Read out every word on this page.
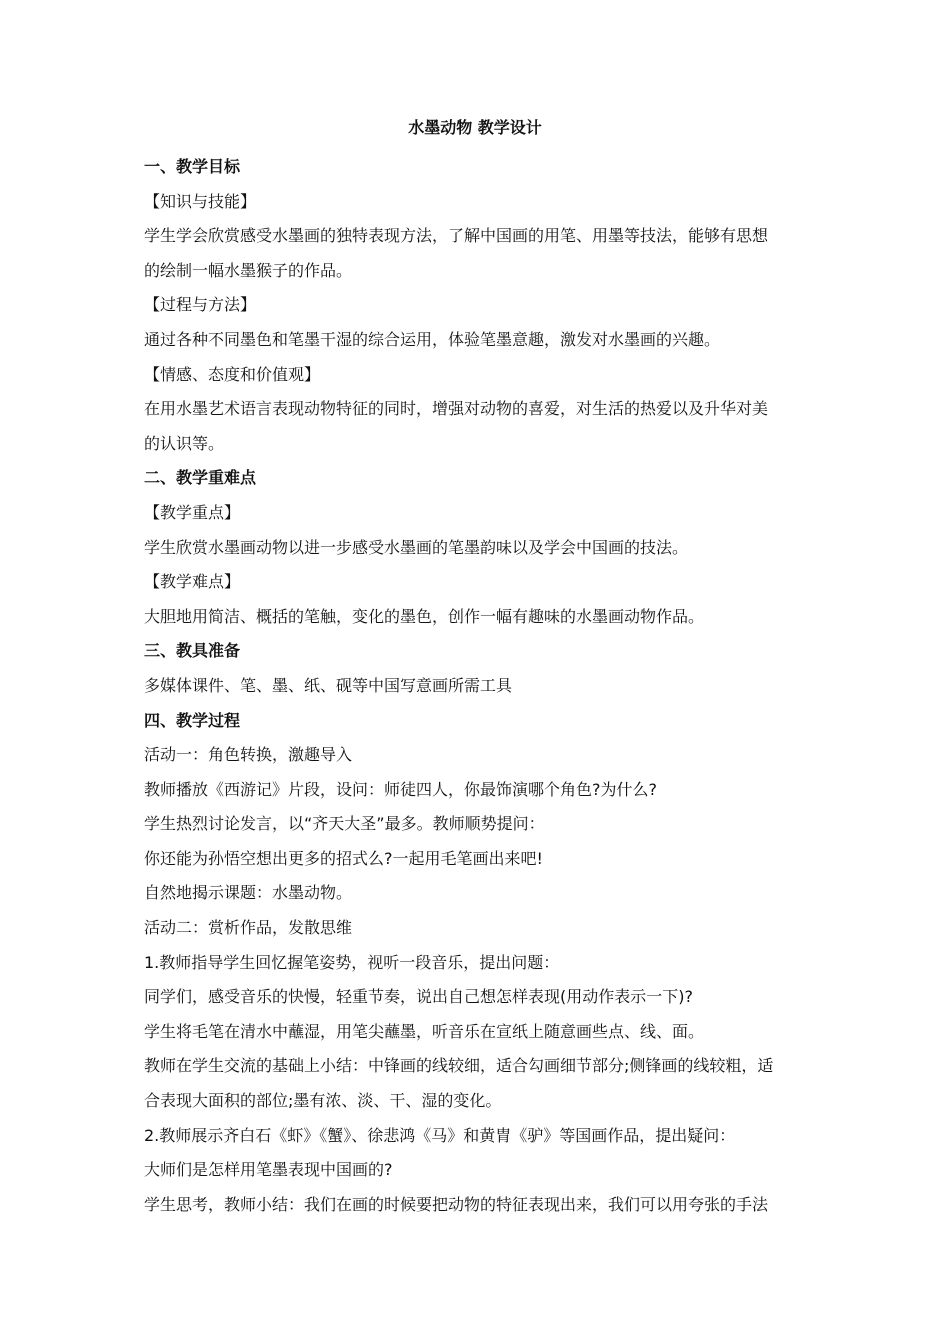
水墨动物 教学设计
一、教学目标
【知识与技能】
学生学会欣赏感受水墨画的独特表现方法，了解中国画的用笔、用墨等技法，能够有思想
的绘制一幅水墨猴子的作品。
【过程与方法】
通过各种不同墨色和笔墨干湿的综合运用，体验笔墨意趣，激发对水墨画的兴趣。
【情感、态度和价值观】
在用水墨艺术语言表现动物特征的同时，增强对动物的喜爱，对生活的热爱以及升华对美
的认识等。
二、教学重难点
【教学重点】
学生欣赏水墨画动物以进一步感受水墨画的笔墨韵味以及学会中国画的技法。
【教学难点】
大胆地用简洁、概括的笔触，变化的墨色，创作一幅有趣味的水墨画动物作品。
三、教具准备
多媒体课件、笔、墨、纸、砚等中国写意画所需工具
四、教学过程
活动一：角色转换，激趣导入
教师播放《西游记》片段，设问：师徒四人，你最饰演哪个角色?为什么?
学生热烈讨论发言，以“齐天大圣”最多。教师顺势提问：
你还能为孙悟空想出更多的招式么?一起用毛笔画出来吧!
自然地揭示课题：水墨动物。
活动二：赏析作品，发散思维
1.教师指导学生回忆握笔姿势，视听一段音乐，提出问题：
同学们，感受音乐的快慢，轻重节奏，说出自己想怎样表现(用动作表示一下)?
学生将毛笔在清水中蘸湿，用笔尖蘸墨，听音乐在宣纸上随意画些点、线、面。
教师在学生交流的基础上小结：中锋画的线较细，适合勾画细节部分;侧锋画的线较粗，适
合表现大面积的部位;墨有浓、淡、干、湿的变化。
2.教师展示齐白石《虾》《蟹》、徐悲鸿《马》和黄胄《驴》等国画作品，提出疑问：
大师们是怎样用笔墨表现中国画的?
学生思考，教师小结：我们在画的时候要把动物的特征表现出来，我们可以用夸张的手法
